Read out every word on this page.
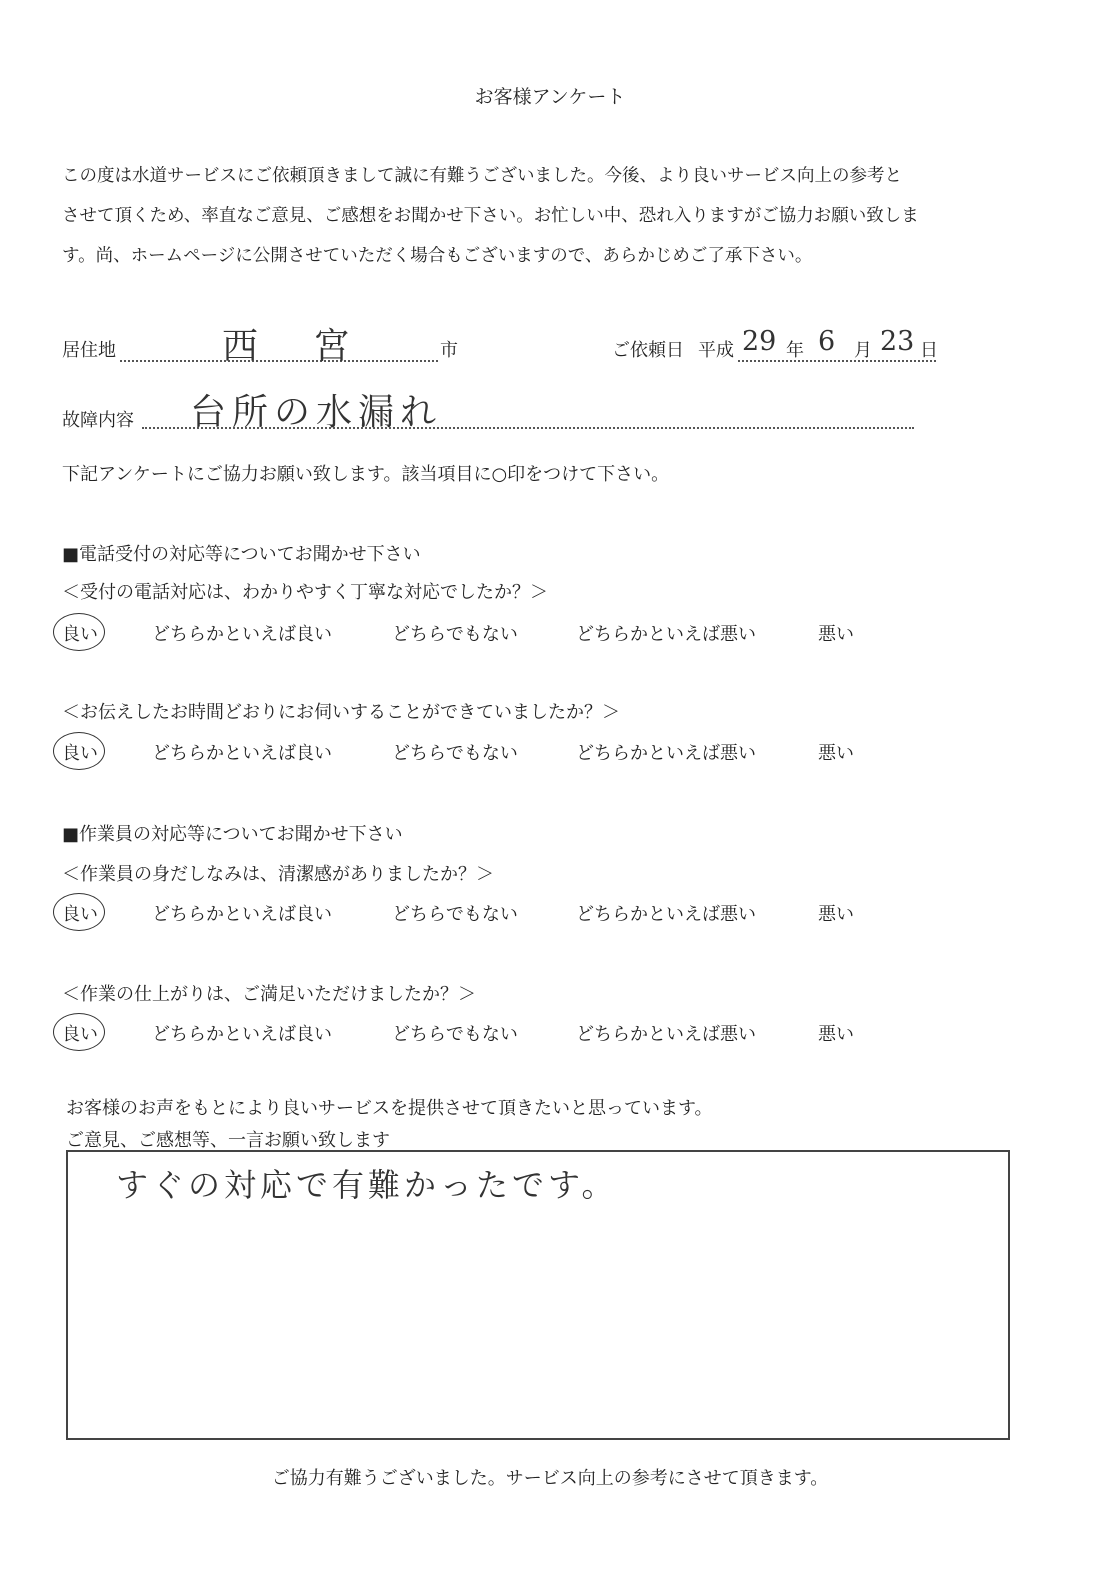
お客様アンケート
この度は水道サービスにご依頼頂きまして誠に有難うございました。今後、より良いサービス向上の参考と
させて頂くため、率直なご意見、ご感想をお聞かせ下さい。お忙しい中、恐れ入りますがご協力お願い致しま
す。尚、ホームページに公開させていただく場合もございますので、あらかじめご了承下さい。
居住地	西 宮	市	ご依頼日 平成 29 年 6 月 23 日
故障内容 台所の水漏れ
下記アンケートにご協力お願い致します。該当項目に○印をつけて下さい。
■電話受付の対応等についてお聞かせ下さい
＜受付の電話対応は、わかりやすく丁寧な対応でしたか？＞
良い	どちらかといえば良い	どちらでもない	どちらかといえば悪い	悪い
＜お伝えしたお時間どおりにお伺いすることができていましたか？＞
良い	どちらかといえば良い	どちらでもない	どちらかといえば悪い	悪い
■作業員の対応等についてお聞かせ下さい
＜作業員の身だしなみは、清潔感がありましたか？＞
良い	どちらかといえば良い	どちらでもない	どちらかといえば悪い	悪い
＜作業の仕上がりは、ご満足いただけましたか？＞
良い	どちらかといえば良い	どちらでもない	どちらかといえば悪い	悪い
お客様のお声をもとにより良いサービスを提供させて頂きたいと思っています。
ご意見、ご感想等、一言お願い致します
すぐの対応で有難かったです。
ご協力有難うございました。サービス向上の参考にさせて頂きます。
